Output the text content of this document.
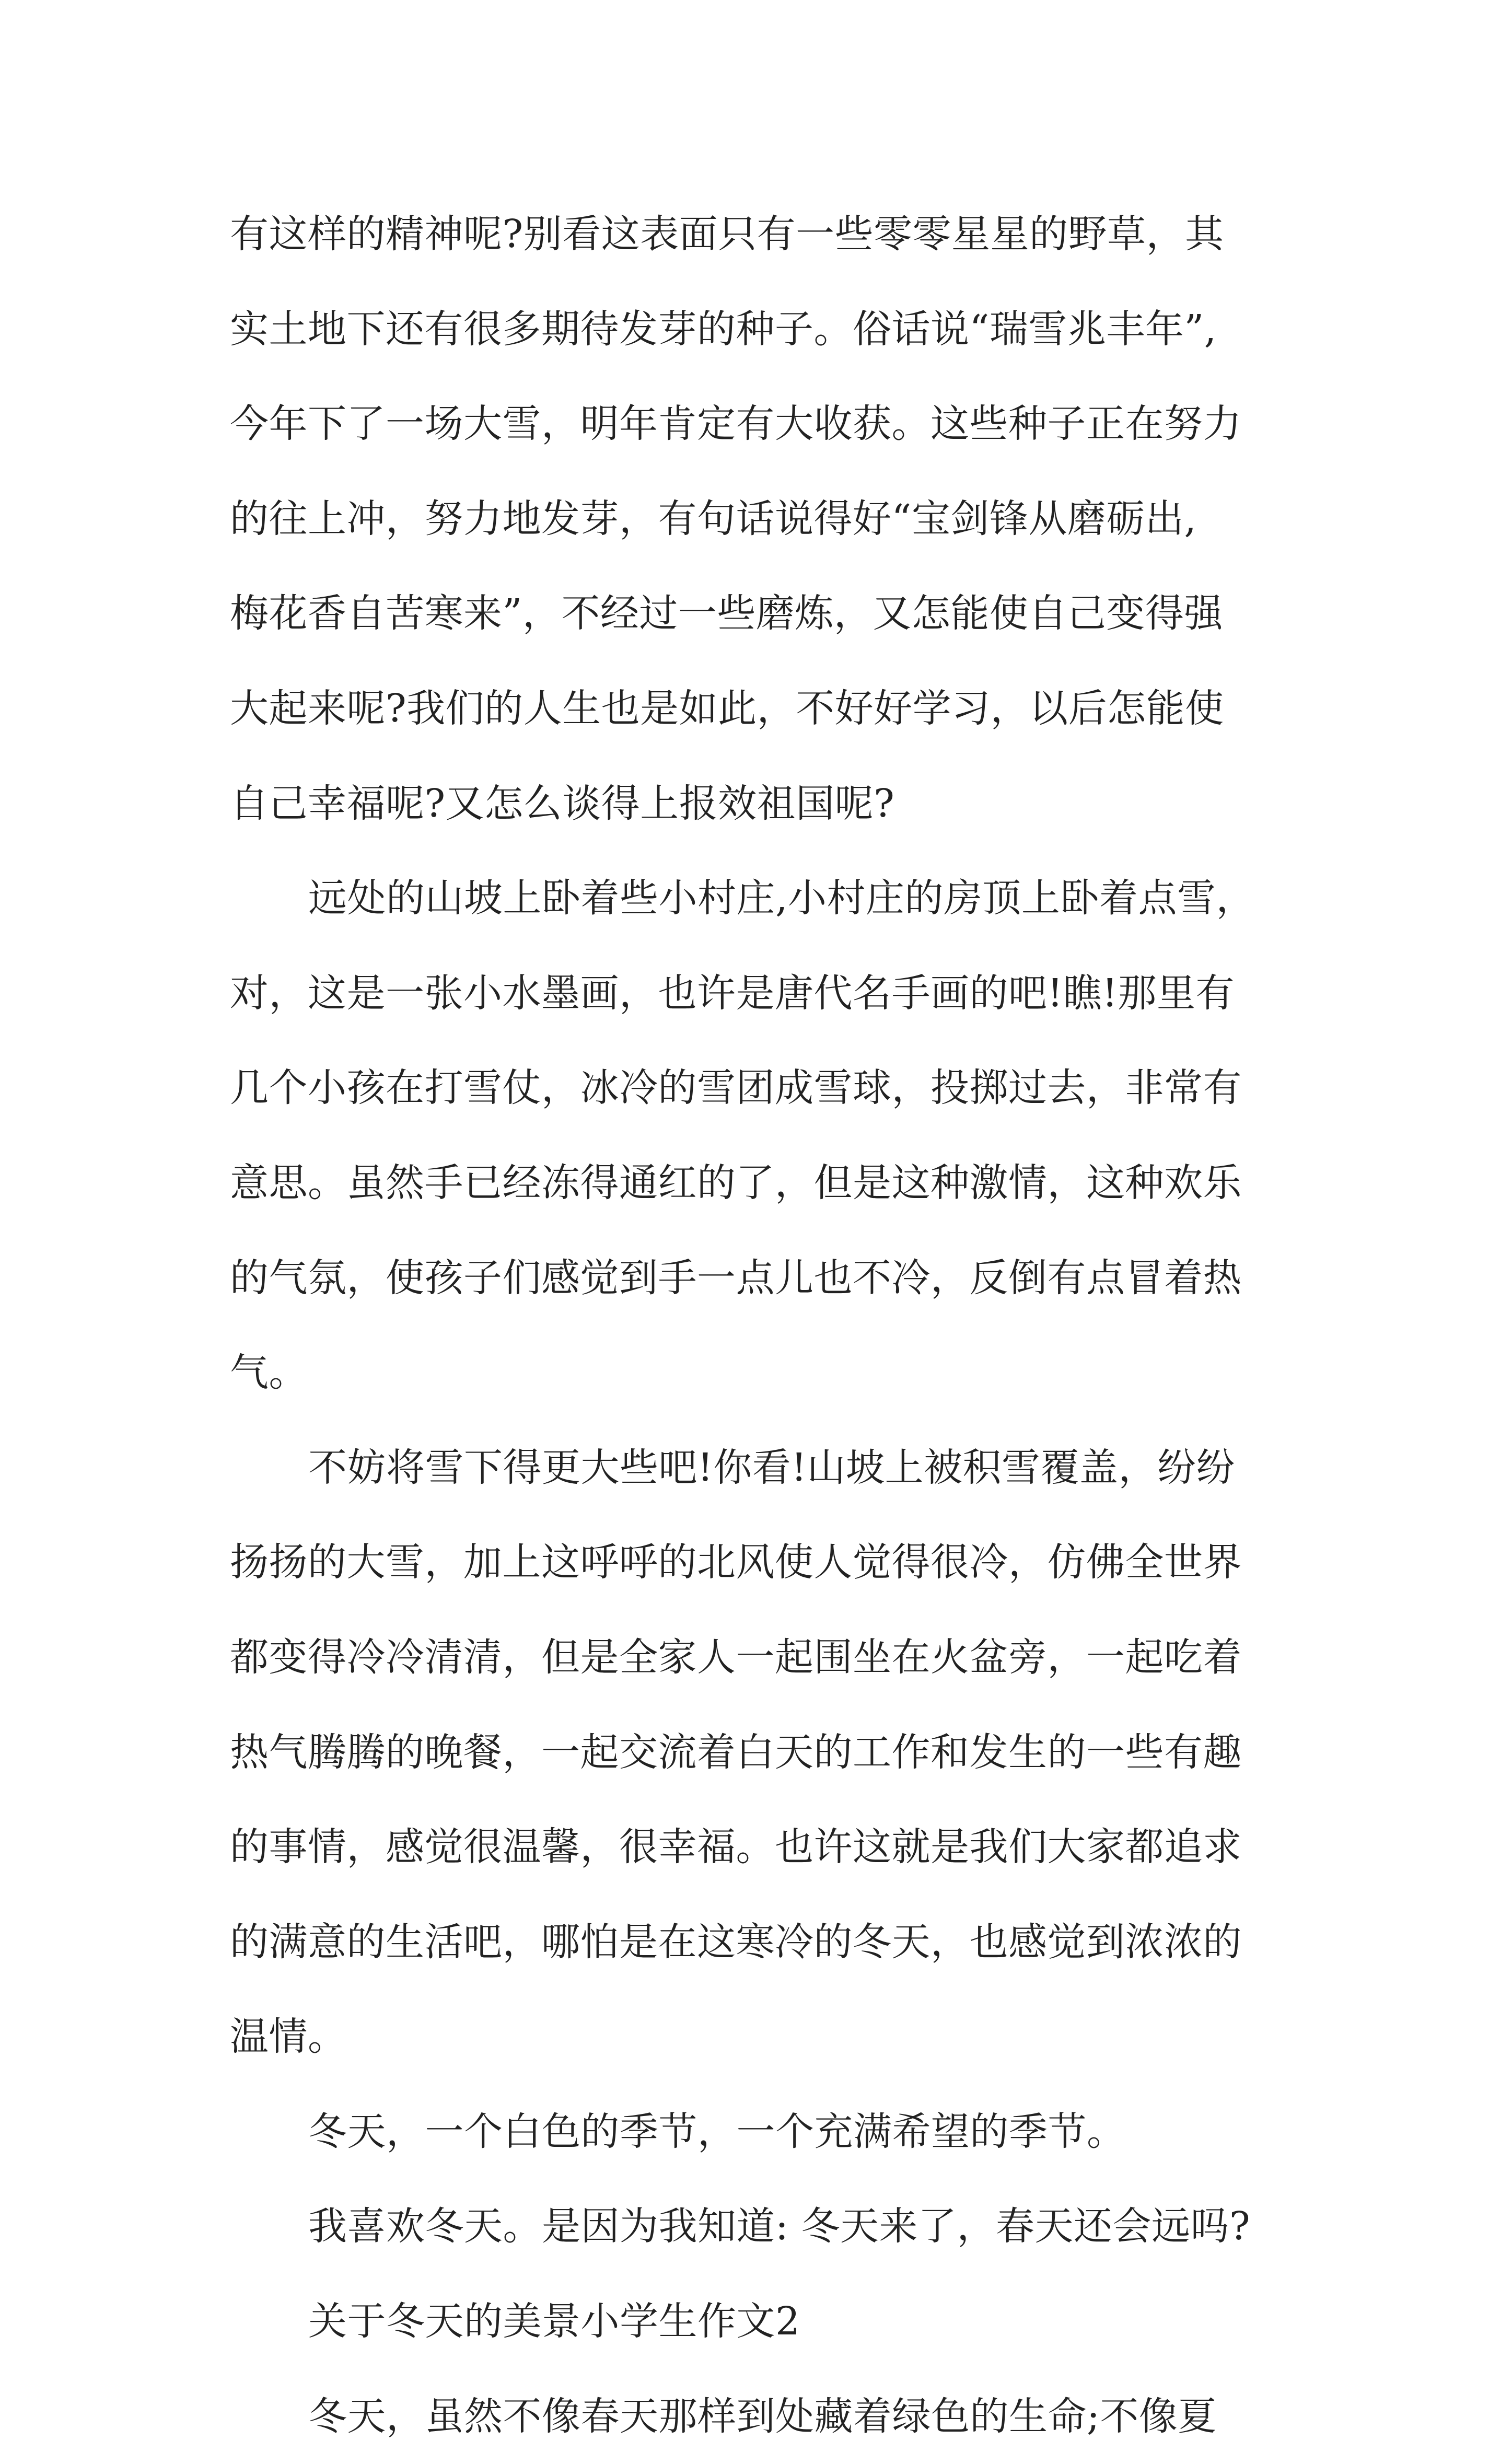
有这样的精神呢?别看这表面只有一些零零星星的野草，其
实土地下还有很多期待发芽的种子。俗话说“瑞雪兆丰年”,
今年下了一场大雪，明年肯定有大收获。这些种子正在努力
的往上冲，努力地发芽，有句话说得好“宝剑锋从磨砺出,
梅花香自苦寒来”，不经过一些磨炼，又怎能使自己变得强
大起来呢?我们的人生也是如此，不好好学习，以后怎能使
自己幸福呢?又怎么谈得上报效祖国呢?
远处的山坡上卧着些小村庄,小村庄的房顶上卧着点雪，
对，这是一张小水墨画，也许是唐代名手画的吧!瞧!那里有
几个小孩在打雪仗，冰冷的雪团成雪球，投掷过去，非常有
意思。虽然手已经冻得通红的了，但是这种激情，这种欢乐
的气氛，使孩子们感觉到手一点儿也不冷，反倒有点冒着热
气。
不妨将雪下得更大些吧!你看!山坡上被积雪覆盖，纷纷
扬扬的大雪，加上这呼呼的北风使人觉得很冷，仿佛全世界
都变得冷冷清清，但是全家人一起围坐在火盆旁，一起吃着
热气腾腾的晚餐，一起交流着白天的工作和发生的一些有趣
的事情，感觉很温馨，很幸福。也许这就是我们大家都追求
的满意的生活吧，哪怕是在这寒冷的冬天，也感觉到浓浓的
温情。
冬天，一个白色的季节，一个充满希望的季节。
我喜欢冬天。是因为我知道: 冬天来了，春天还会远吗?
关于冬天的美景小学生作文2
冬天，虽然不像春天那样到处藏着绿色的生命;不像夏
